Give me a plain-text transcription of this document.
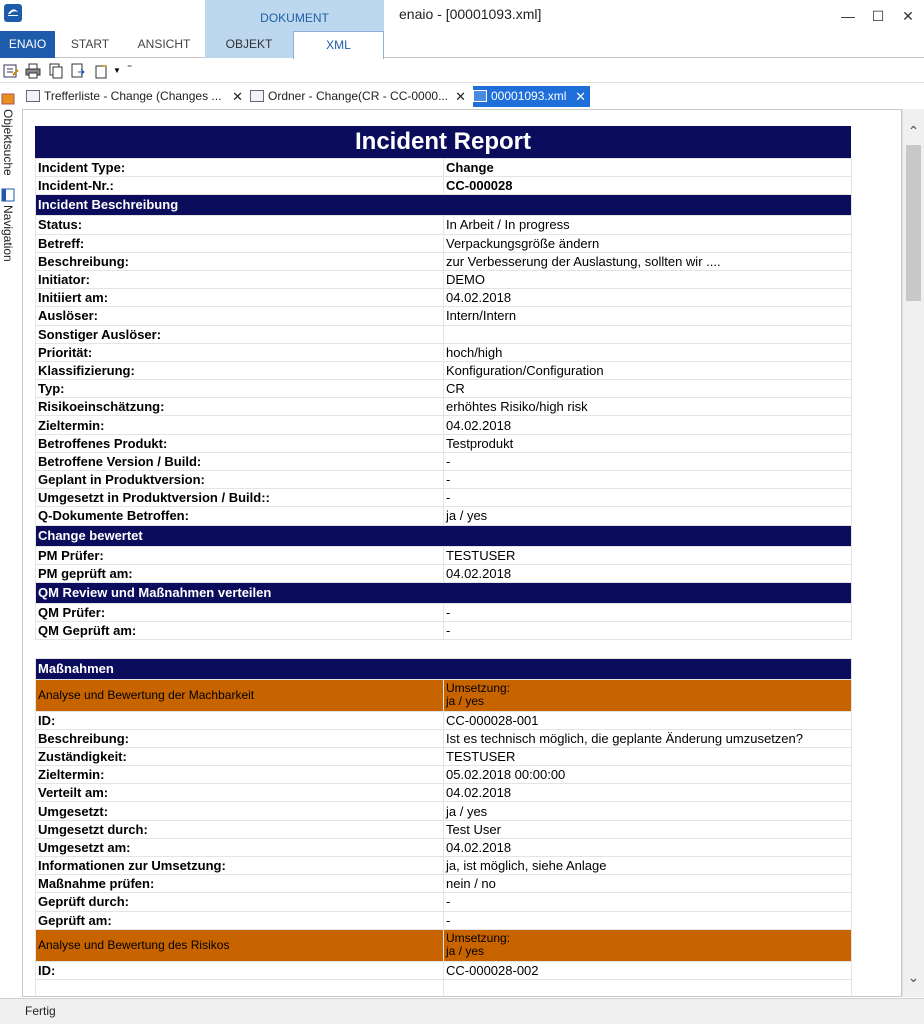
DOKUMENT	enaio - [00001093.xml]	— ☐ ✕
ENAIO	START	ANSICHT	OBJEKT	XML
▼ ⁼
Objektsuche
Navigation
Trefferliste - Change (Changes ... ✕	Ordner - Change(CR - CC-0000... ✕	00001093.xml ✕
Incident Report
Incident Type:	Change
Incident-Nr.:	CC-000028
Incident Beschreibung	
Status:	In Arbeit / In progress
Betreff:	Verpackungsgröße ändern
Beschreibung:	zur Verbesserung der Auslastung, sollten wir ....
Initiator:	DEMO
Initiiert am:	04.02.2018
Auslöser:	Intern/Intern
Sonstiger Auslöser:	
Priorität:	hoch/high
Klassifizierung:	Konfiguration/Configuration
Typ:	CR
Risikoeinschätzung:	erhöhtes Risiko/high risk
Zieltermin:	04.02.2018
Betroffenes Produkt:	Testprodukt
Betroffene Version / Build:	-
Geplant in Produktversion:	-
Umgesetzt in Produktversion / Build::	-
Q-Dokumente Betroffen:	ja / yes
Change bewertet	
PM Prüfer:	TESTUSER
PM geprüft am:	04.02.2018
QM Review und Maßnahmen verteilen	
QM Prüfer:	-
QM Geprüft am:	-

Maßnahmen	
Analyse und Bewertung der Machbarkeit	Umsetzung:
ja / yes

ID:	CC-000028-001
Beschreibung:	Ist es technisch möglich, die geplante Änderung umzusetzen?
Zuständigkeit:	TESTUSER
Zieltermin:	05.02.2018 00:00:00
Verteilt am:	04.02.2018
Umgesetzt:	ja / yes
Umgesetzt durch:	Test User
Umgesetzt am:	04.02.2018
Informationen zur Umsetzung:	ja, ist möglich, siehe Anlage
Maßnahme prüfen:	nein / no
Geprüft durch:	-
Geprüft am:	-
Analyse und Bewertung des Risikos	Umsetzung:
ja / yes

ID:	CC-000028-002

⌃
⌄
Fertig
